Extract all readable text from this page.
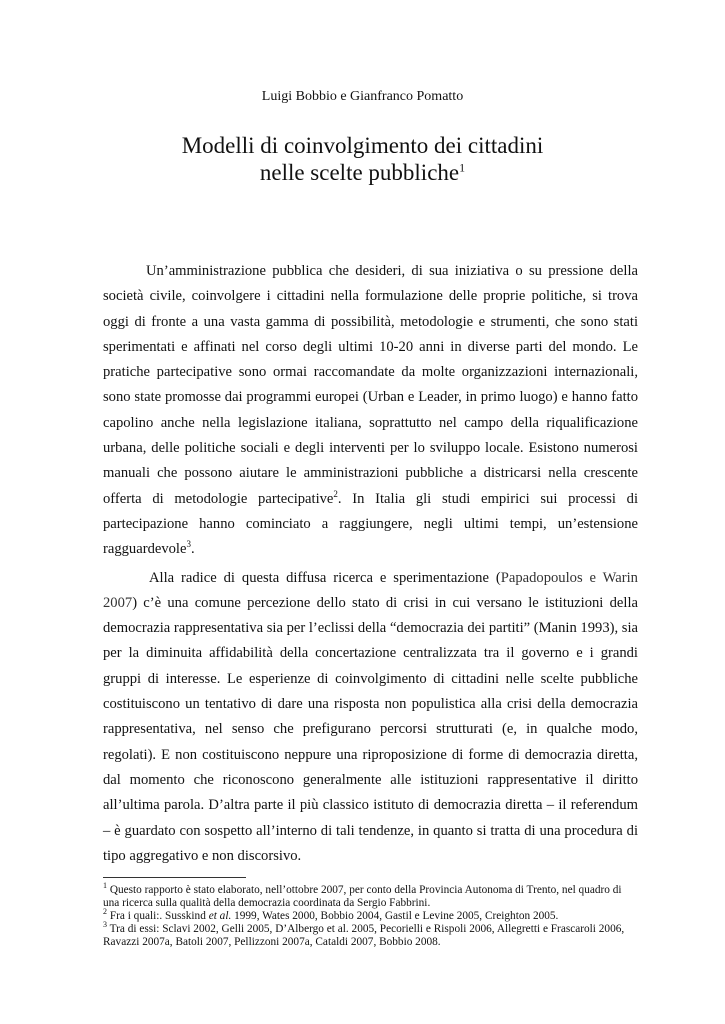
Luigi Bobbio e Gianfranco Pomatto
Modelli di coinvolgimento dei cittadini
nelle scelte pubbliche$^1$

Un’amministrazione pubblica che desideri, di sua iniziativa o su pressione della società civile, coinvolgere i cittadini nella formulazione delle proprie politiche, si trova oggi di fronte a una vasta gamma di possibilità, metodologie e strumenti, che sono stati sperimentati e affinati nel corso degli ultimi 10-20 anni in diverse parti del mondo. Le pratiche partecipative sono ormai raccomandate da molte organizzazioni internazionali, sono state promosse dai programmi europei (Urban e Leader, in primo luogo) e hanno fatto capolino anche nella legislazione italiana, soprattutto nel campo della riqualificazione urbana, delle politiche sociali e degli interventi per lo sviluppo locale. Esistono numerosi manuali che possono aiutare le amministrazioni pubbliche a districarsi nella crescente offerta di metodologie partecipative$^2$. In Italia gli studi empirici sui processi di partecipazione hanno cominciato a raggiungere, negli ultimi tempi, un’estensione ragguardevole$^3$.

Alla radice di questa diffusa ricerca e sperimentazione (Papadopoulos e Warin 2007) c’è una comune percezione dello stato di crisi in cui versano le istituzioni della democrazia rappresentativa sia per l’eclissi della “democrazia dei partiti” (Manin 1993), sia per la diminuita affidabilità della concertazione centralizzata tra il governo e i grandi gruppi di interesse. Le esperienze di coinvolgimento di cittadini nelle scelte pubbliche costituiscono un tentativo di dare una risposta non populistica alla crisi della democrazia rappresentativa, nel senso che prefigurano percorsi strutturati (e, in qualche modo, regolati). E non costituiscono neppure una riproposizione di forme di democrazia diretta, dal momento che riconoscono generalmente alle istituzioni rappresentative il diritto all’ultima parola. D’altra parte il più classico istituto di democrazia diretta – il referendum – è guardato con sospetto all’interno di tali tendenze, in quanto si tratta di una procedura di tipo aggregativo e non discorsivo.

$^1$ Questo rapporto è stato elaborato, nell’ottobre 2007, per conto della Provincia Autonoma di Trento, nel quadro di una ricerca sulla qualità della democrazia coordinata da Sergio Fabbrini.

$^2$ Fra i quali:. Susskind et al. 1999, Wates 2000, Bobbio 2004, Gastil e Levine 2005, Creighton 2005.

$^3$ Tra di essi: Sclavi 2002, Gelli 2005, D’Albergo et al. 2005, Pecorielli e Rispoli 2006, Allegretti e Frascaroli 2006, Ravazzi 2007a, Batoli 2007, Pellizzoni 2007a, Cataldi 2007, Bobbio 2008.
